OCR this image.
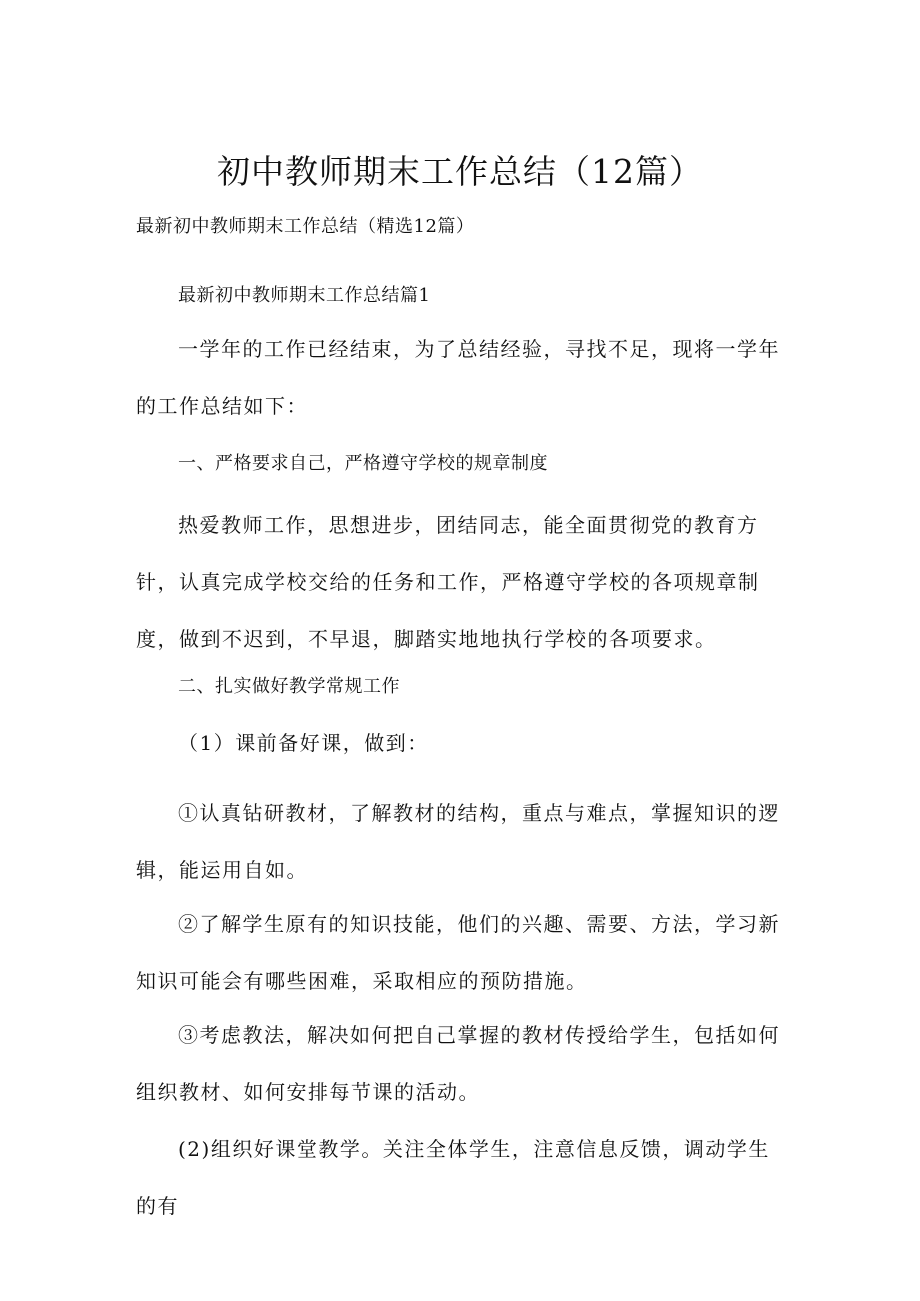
初中教师期末工作总结（12篇）
最新初中教师期末工作总结（精选12篇）

最新初中教师期末工作总结篇1

一学年的工作已经结束，为了总结经验，寻找不足，现将一学年的工作总结如下：

一、严格要求自己，严格遵守学校的规章制度

热爱教师工作，思想进步，团结同志，能全面贯彻党的教育方针，认真完成学校交给的任务和工作，严格遵守学校的各项规章制度，做到不迟到，不早退，脚踏实地地执行学校的各项要求。

二、扎实做好教学常规工作

（1）课前备好课，做到：

①认真钻研教材，了解教材的结构，重点与难点，掌握知识的逻辑，能运用自如。

②了解学生原有的知识技能，他们的兴趣、需要、方法，学习新知识可能会有哪些困难，采取相应的预防措施。

③考虑教法，解决如何把自己掌握的教材传授给学生，包括如何组织教材、如何安排每节课的活动。

(2)组织好课堂教学。关注全体学生，注意信息反馈，调动学生的有
